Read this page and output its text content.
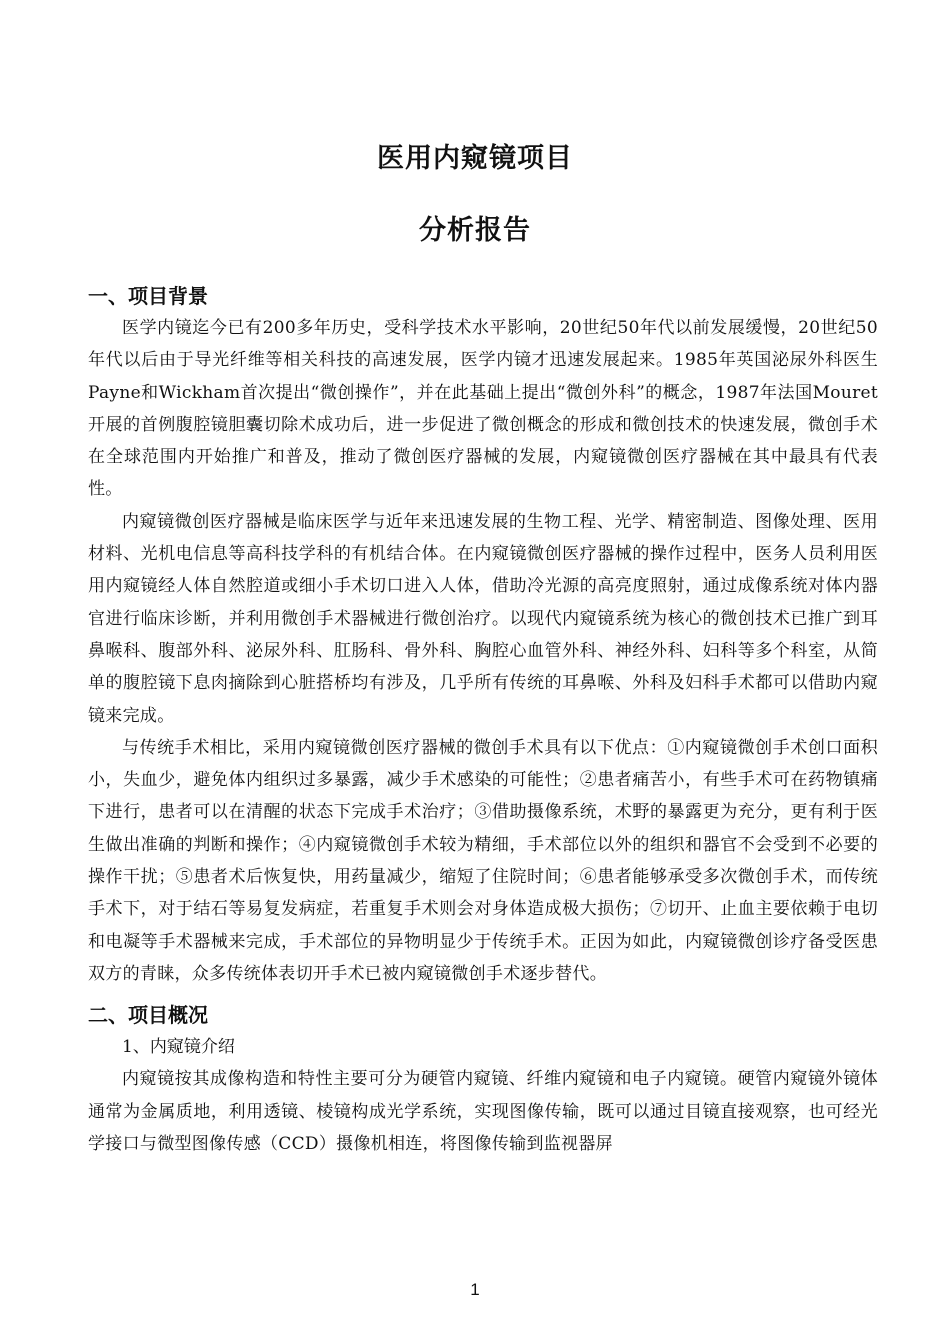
医用内窥镜项目
分析报告
一、项目背景

医学内镜迄今已有200多年历史，受科学技术水平影响，20世纪50年代以前发展缓慢，20世纪50年代以后由于导光纤维等相关科技的高速发展，医学内镜才迅速发展起来。1985年英国泌尿外科医生Payne和Wickham首次提出“微创操作”，并在此基础上提出“微创外科”的概念，1987年法国Mouret开展的首例腹腔镜胆囊切除术成功后，进一步促进了微创概念的形成和微创技术的快速发展，微创手术在全球范围内开始推广和普及，推动了微创医疗器械的发展，内窥镜微创医疗器械在其中最具有代表性。

内窥镜微创医疗器械是临床医学与近年来迅速发展的生物工程、光学、精密制造、图像处理、医用材料、光机电信息等高科技学科的有机结合体。在内窥镜微创医疗器械的操作过程中，医务人员利用医用内窥镜经人体自然腔道或细小手术切口进入人体，借助冷光源的高亮度照射，通过成像系统对体内器官进行临床诊断，并利用微创手术器械进行微创治疗。以现代内窥镜系统为核心的微创技术已推广到耳鼻喉科、腹部外科、泌尿外科、肛肠科、骨外科、胸腔心血管外科、神经外科、妇科等多个科室，从简单的腹腔镜下息肉摘除到心脏搭桥均有涉及，几乎所有传统的耳鼻喉、外科及妇科手术都可以借助内窥镜来完成。

与传统手术相比，采用内窥镜微创医疗器械的微创手术具有以下优点：①内窥镜微创手术创口面积小，失血少，避免体内组织过多暴露，减少手术感染的可能性；②患者痛苦小，有些手术可在药物镇痛下进行，患者可以在清醒的状态下完成手术治疗；③借助摄像系统，术野的暴露更为充分，更有利于医生做出准确的判断和操作；④内窥镜微创手术较为精细，手术部位以外的组织和器官不会受到不必要的操作干扰；⑤患者术后恢复快，用药量减少，缩短了住院时间；⑥患者能够承受多次微创手术，而传统手术下，对于结石等易复发病症，若重复手术则会对身体造成极大损伤；⑦切开、止血主要依赖于电切和电凝等手术器械来完成，手术部位的异物明显少于传统手术。正因为如此，内窥镜微创诊疗备受医患双方的青睐，众多传统体表切开手术已被内窥镜微创手术逐步替代。

二、项目概况

1、内窥镜介绍

内窥镜按其成像构造和特性主要可分为硬管内窥镜、纤维内窥镜和电子内窥镜。硬管内窥镜外镜体通常为金属质地，利用透镜、棱镜构成光学系统，实现图像传输，既可以通过目镜直接观察，也可经光学接口与微型图像传感（CCD）摄像机相连，将图像传输到监视器屏

1
